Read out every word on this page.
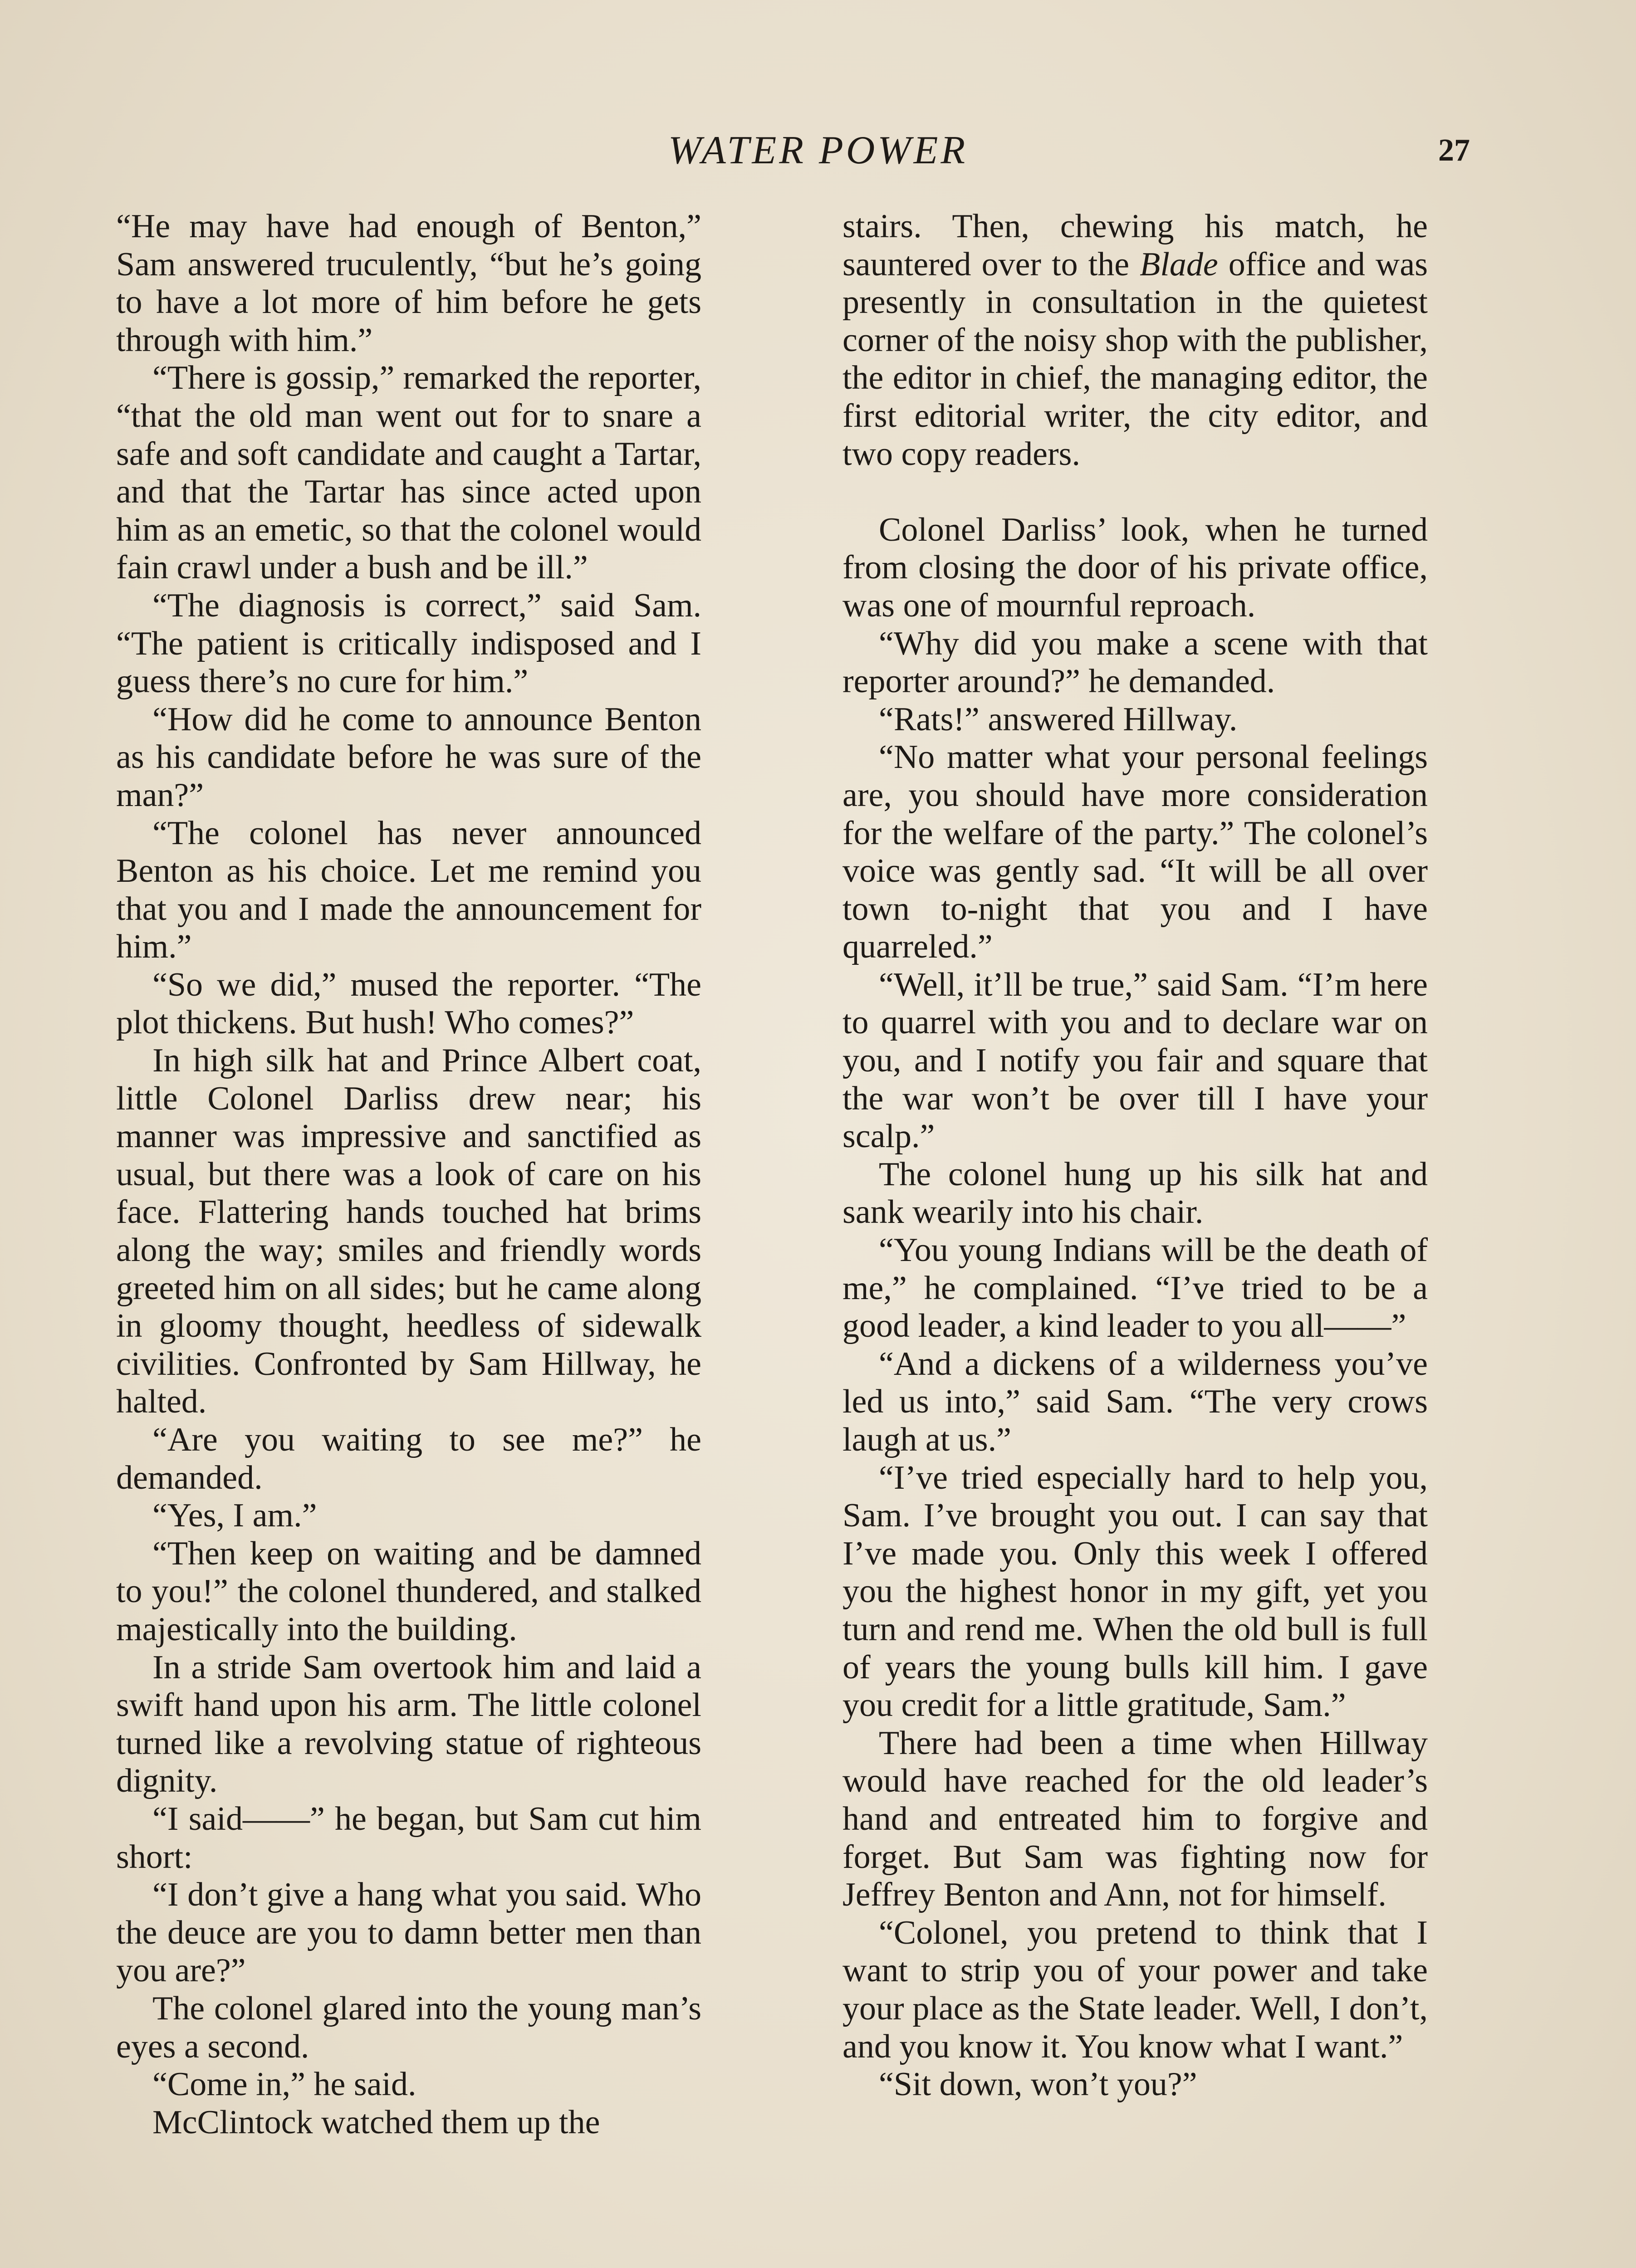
WATER POWER	27

“He may have had enough of Benton,” Sam answered truculently, “but he’s going to have a lot more of him before he gets through with him.”

“There is gossip,” remarked the reporter, “that the old man went out for to snare a safe and soft candidate and caught a Tartar, and that the Tartar has since acted upon him as an emetic, so that the colonel would fain crawl under a bush and be ill.”

“The diagnosis is correct,” said Sam. “The patient is critically indisposed and I guess there’s no cure for him.”

“How did he come to announce Benton as his candidate before he was sure of the man?”

“The colonel has never announced Benton as his choice. Let me remind you that you and I made the announcement for him.”

“So we did,” mused the reporter. “The plot thickens. But hush! Who comes?”

In high silk hat and Prince Albert coat, little Colonel Darliss drew near; his manner was impressive and sanctified as usual, but there was a look of care on his face. Flattering hands touched hat brims along the way; smiles and friendly words greeted him on all sides; but he came along in gloomy thought, heedless of sidewalk civilities. Confronted by Sam Hillway, he halted.

“Are you waiting to see me?” he demanded.

“Yes, I am.”

“Then keep on waiting and be damned to you!” the colonel thundered, and stalked majestically into the building.

In a stride Sam overtook him and laid a swift hand upon his arm. The little colonel turned like a revolving statue of righteous dignity.

“I said——” he began, but Sam cut him short:

“I don’t give a hang what you said. Who the deuce are you to damn better men than you are?”

The colonel glared into the young man’s eyes a second.

“Come in,” he said.

McClintock watched them up the

stairs. Then, chewing his match, he sauntered over to the Blade office and was presently in consultation in the quietest corner of the noisy shop with the publisher, the editor in chief, the managing editor, the first editorial writer, the city editor, and two copy readers.

Colonel Darliss’ look, when he turned from closing the door of his private office, was one of mournful reproach.

“Why did you make a scene with that reporter around?” he demanded.

“Rats!” answered Hillway.

“No matter what your personal feelings are, you should have more consideration for the welfare of the party.” The colonel’s voice was gently sad. “It will be all over town to-night that you and I have quarreled.”

“Well, it’ll be true,” said Sam. “I’m here to quarrel with you and to declare war on you, and I notify you fair and square that the war won’t be over till I have your scalp.”

The colonel hung up his silk hat and sank wearily into his chair.

“You young Indians will be the death of me,” he complained. “I’ve tried to be a good leader, a kind leader to you all——”

“And a dickens of a wilderness you’ve led us into,” said Sam. “The very crows laugh at us.”

“I’ve tried especially hard to help you, Sam. I’ve brought you out. I can say that I’ve made you. Only this week I offered you the highest honor in my gift, yet you turn and rend me. When the old bull is full of years the young bulls kill him. I gave you credit for a little gratitude, Sam.”

There had been a time when Hillway would have reached for the old leader’s hand and entreated him to forgive and forget. But Sam was fighting now for Jeffrey Benton and Ann, not for himself.

“Colonel, you pretend to think that I want to strip you of your power and take your place as the State leader. Well, I don’t, and you know it. You know what I want.”

“Sit down, won’t you?”
